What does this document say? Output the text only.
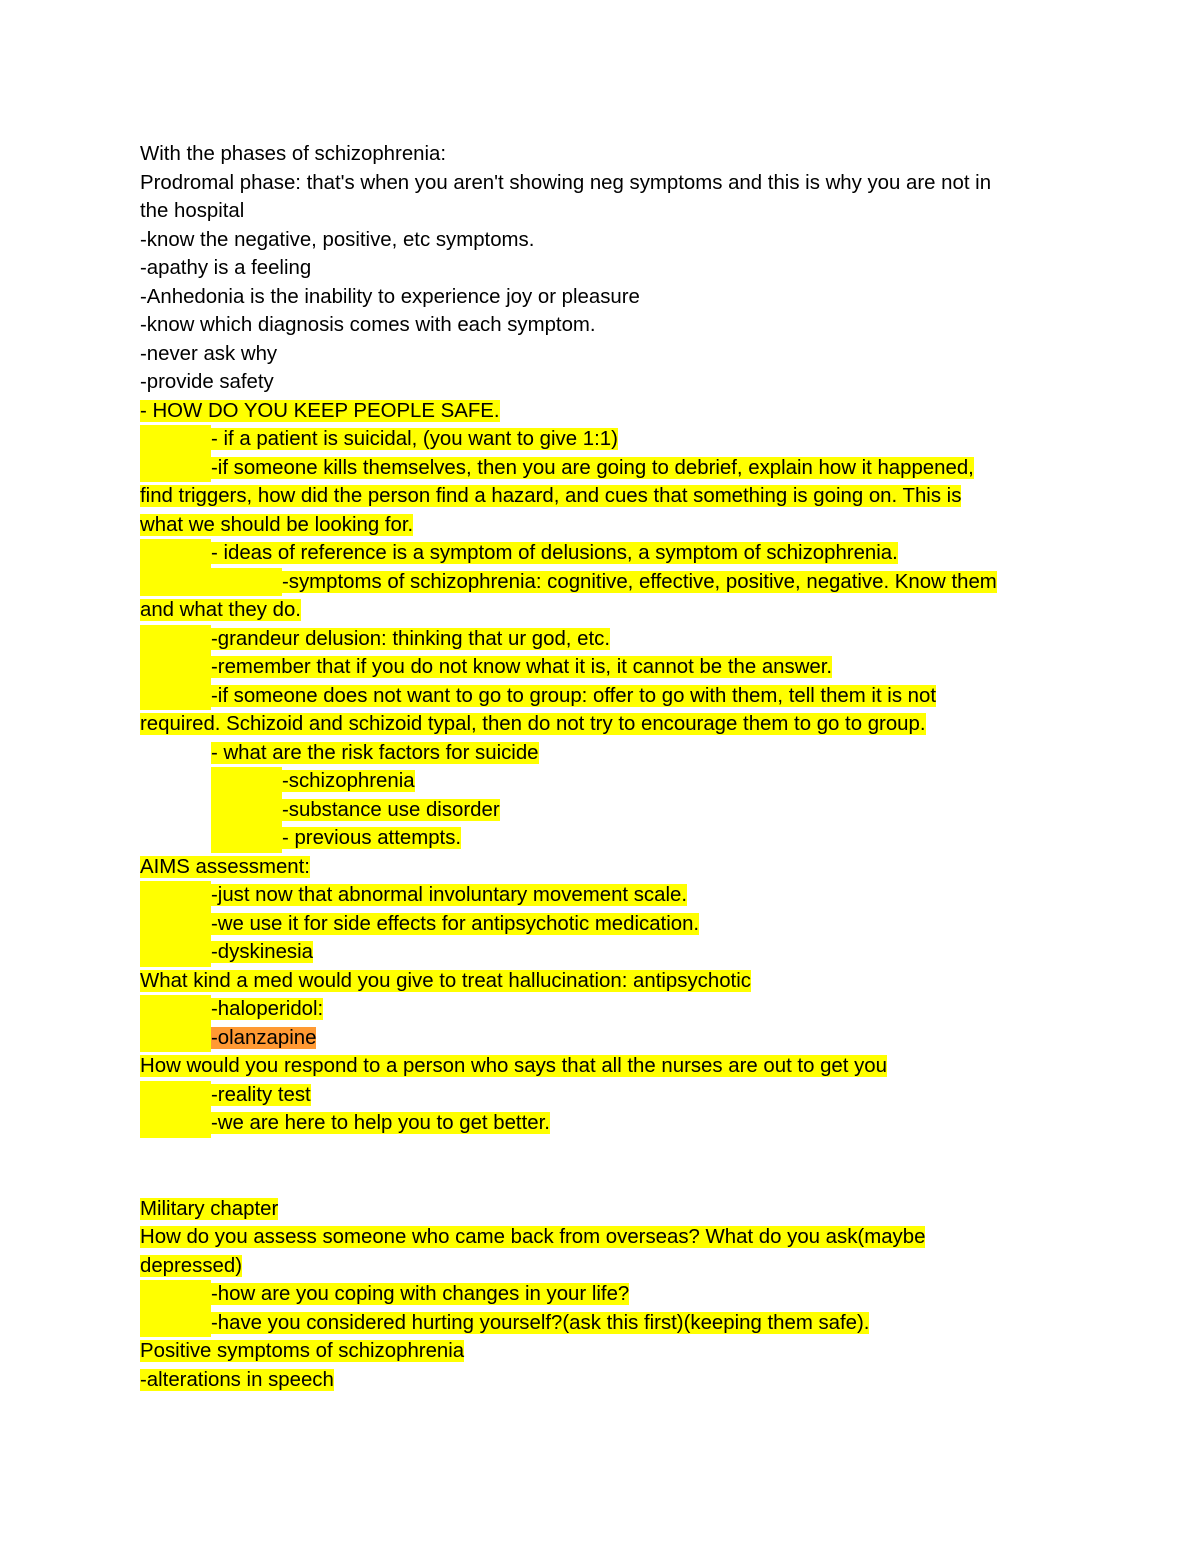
With the phases of schizophrenia:
Prodromal phase: that's when you aren't showing neg symptoms and this is why you are not in
the hospital
-know the negative, positive, etc symptoms.
-apathy is a feeling
-Anhedonia is the inability to experience joy or pleasure
-know which diagnosis comes with each symptom.
-never ask why
-provide safety
- HOW DO YOU KEEP PEOPLE SAFE.
- if a patient is suicidal, (you want to give 1:1)
-if someone kills themselves, then you are going to debrief, explain how it happened,
find triggers, how did the person find a hazard, and cues that something is going on. This is
what we should be looking for.
- ideas of reference is a symptom of delusions, a symptom of schizophrenia.
-symptoms of schizophrenia: cognitive, effective, positive, negative. Know them
and what they do.
-grandeur delusion: thinking that ur god, etc.
-remember that if you do not know what it is, it cannot be the answer.
-if someone does not want to go to group: offer to go with them, tell them it is not
required. Schizoid and schizoid typal, then do not try to encourage them to go to group.
- what are the risk factors for suicide
-schizophrenia
-substance use disorder
- previous attempts.
AIMS assessment:
-just now that abnormal involuntary movement scale.
-we use it for side effects for antipsychotic medication.
-dyskinesia
What kind a med would you give to treat hallucination: antipsychotic
-haloperidol:
-olanzapine
How would you respond to a person who says that all the nurses are out to get you
-reality test
-we are here to help you to get better.
Military chapter
How do you assess someone who came back from overseas? What do you ask(maybe
depressed)
-how are you coping with changes in your life?
-have you considered hurting yourself?(ask this first)(keeping them safe).
Positive symptoms of schizophrenia
-alterations in speech
